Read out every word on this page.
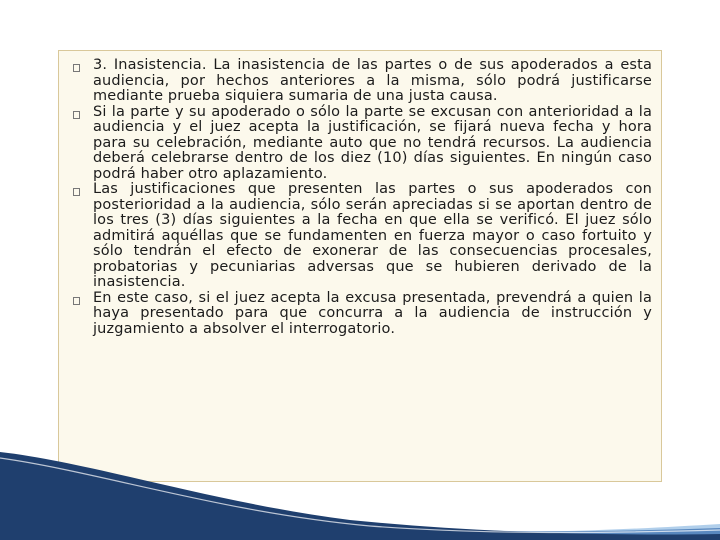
3. Inasistencia. La inasistencia de las partes o de sus apoderados a esta audiencia, por hechos anteriores a la misma, sólo podrá justificarse mediante prueba siquiera sumaria de una justa causa.
Si la parte y su apoderado o sólo la parte se excusan con anterioridad a la audiencia y el juez acepta la justificación, se fijará nueva fecha y hora para su celebración, mediante auto que no tendrá recursos. La audiencia deberá celebrarse dentro de los diez (10) días siguientes. En ningún caso podrá haber otro aplazamiento.
Las justificaciones que presenten las partes o sus apoderados con posterioridad a la audiencia, sólo serán apreciadas si se aportan dentro de los tres (3) días siguientes a la fecha en que ella se verificó. El juez sólo admitirá aquéllas que se fundamenten en fuerza mayor o caso fortuito y sólo tendrán el efecto de exonerar de las consecuencias procesales, probatorias y pecuniarias adversas que se hubieren derivado de la inasistencia.
En este caso, si el juez acepta la excusa presentada, prevendrá a quien la haya presentado para que concurra a la audiencia de instrucción y juzgamiento a absolver el interrogatorio.
